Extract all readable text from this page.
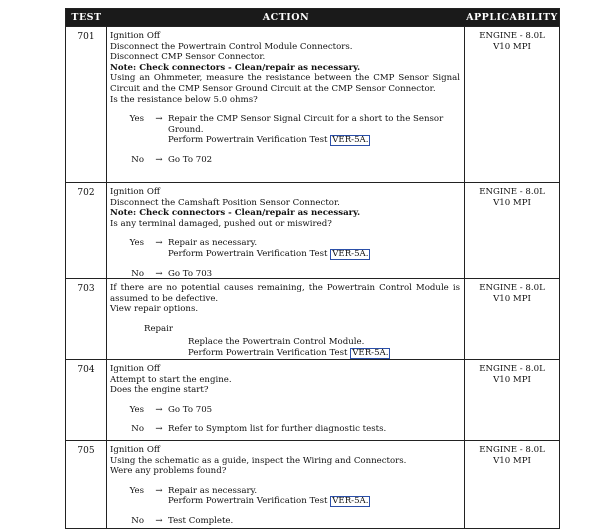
TEST	ACTION	APPLICABILITY
701	Ignition Off
Disconnect the Powertrain Control Module Connectors.
Disconnect CMP Sensor Connector.
Note: Check connectors - Clean/repair as necessary.
Using an Ohmmeter, measure the resistance between the CMP Sensor Signal Circuit and the CMP Sensor Ground Circuit at the CMP Sensor Connector.
Is the resistance below 5.0 ohms?
Yes	→ Repair the CMP Sensor Signal Circuit for a short to the Sensor Ground.
Perform Powertrain Verification Test VER-5A.
No	→ Go To 702
ENGINE - 8.0L
V10 MPI
702	Ignition Off
Disconnect the Camshaft Position Sensor Connector.
Note: Check connectors - Clean/repair as necessary.
Is any terminal damaged, pushed out or miswired?
Yes	→ Repair as necessary.
Perform Powertrain Verification Test VER-5A.
No	→ Go To 703
ENGINE - 8.0L
V10 MPI
703	If there are no potential causes remaining, the Powertrain Control Module is assumed to be defective.
View repair options.
Repair
Replace the Powertrain Control Module.
Perform Powertrain Verification Test VER-5A.
ENGINE - 8.0L
V10 MPI
704	Ignition Off
Attempt to start the engine.
Does the engine start?
Yes	→ Go To 705
No	→ Refer to Symptom list for further diagnostic tests.
ENGINE - 8.0L
V10 MPI
705	Ignition Off
Using the schematic as a guide, inspect the Wiring and Connectors.
Were any problems found?
Yes	→ Repair as necessary.
Perform Powertrain Verification Test VER-5A.
No	→ Test Complete.
ENGINE - 8.0L
V10 MPI
